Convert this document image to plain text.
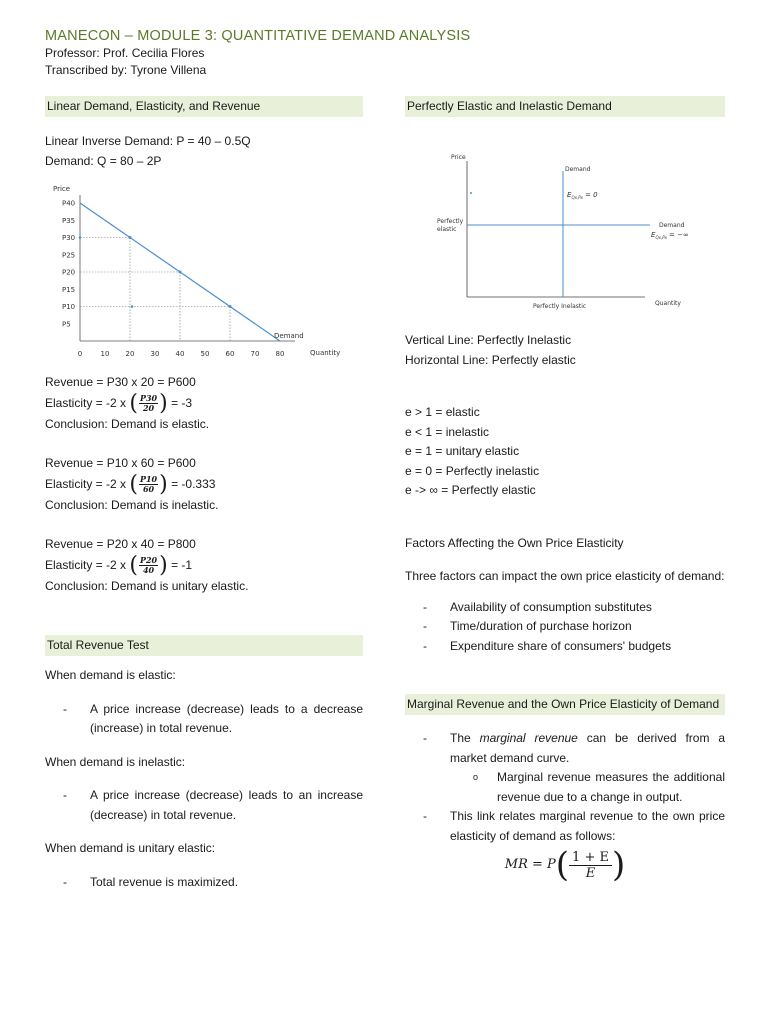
MANECON – MODULE 3: QUANTITATIVE DEMAND ANALYSIS
Professor: Prof. Cecilia Flores
Transcribed by: Tyrone Villena
Linear Demand, Elasticity, and Revenue
Linear Inverse Demand: P = 40 – 0.5Q
Demand: Q = 80 – 2P
Price
Quantity
P40
P35
P30
P25
P20
P15
P10
P5
0	10 20 30 40 50 60 70 80
Demand
Revenue = P30 x 20 = P600
Elasticity = -2 x ( P30
20 ) = -3
Conclusion: Demand is elastic.
Revenue = P10 x 60 = P600
Elasticity = -2 x ( P10
60 ) = -0.333
Conclusion: Demand is inelastic.
Revenue = P20 x 40 = P800
Elasticity = -2 x ( P20
40 ) = -1
Conclusion: Demand is unitary elastic.
Total Revenue Test
When demand is elastic:
-	A price increase (decrease) leads to a decrease (increase) in total revenue.
When demand is inelastic:
-	A price increase (decrease) leads to an increase (decrease) in total revenue.
When demand is unitary elastic:
-	Total revenue is maximized.
Perfectly Elastic and Inelastic Demand
Price
Demand
Demand
Perfectly
elastic
Perfectly Inelastic	Quantity
$E_{Qx,Px} = 0$
$E_{Qx,Px}$ = −∞
Vertical Line: Perfectly Inelastic
Horizontal Line: Perfectly elastic
e > 1 = elastic
e < 1 = inelastic
e = 1 = unitary elastic
e = 0 = Perfectly inelastic
e -> ∞ = Perfectly elastic
Factors Affecting the Own Price Elasticity
Three factors can impact the own price elasticity of demand:
-	Availability of consumption substitutes
-	Time/duration of purchase horizon
-	Expenditure share of consumers' budgets
Marginal Revenue and the Own Price Elasticity of Demand
-	The marginal revenue can be derived from a market demand curve.
o	Marginal revenue measures the additional revenue due to a change in output.
-	This link relates marginal revenue to the own price elasticity of demand as follows:
MR = P ( $\frac{1 + E}{E}$ )
